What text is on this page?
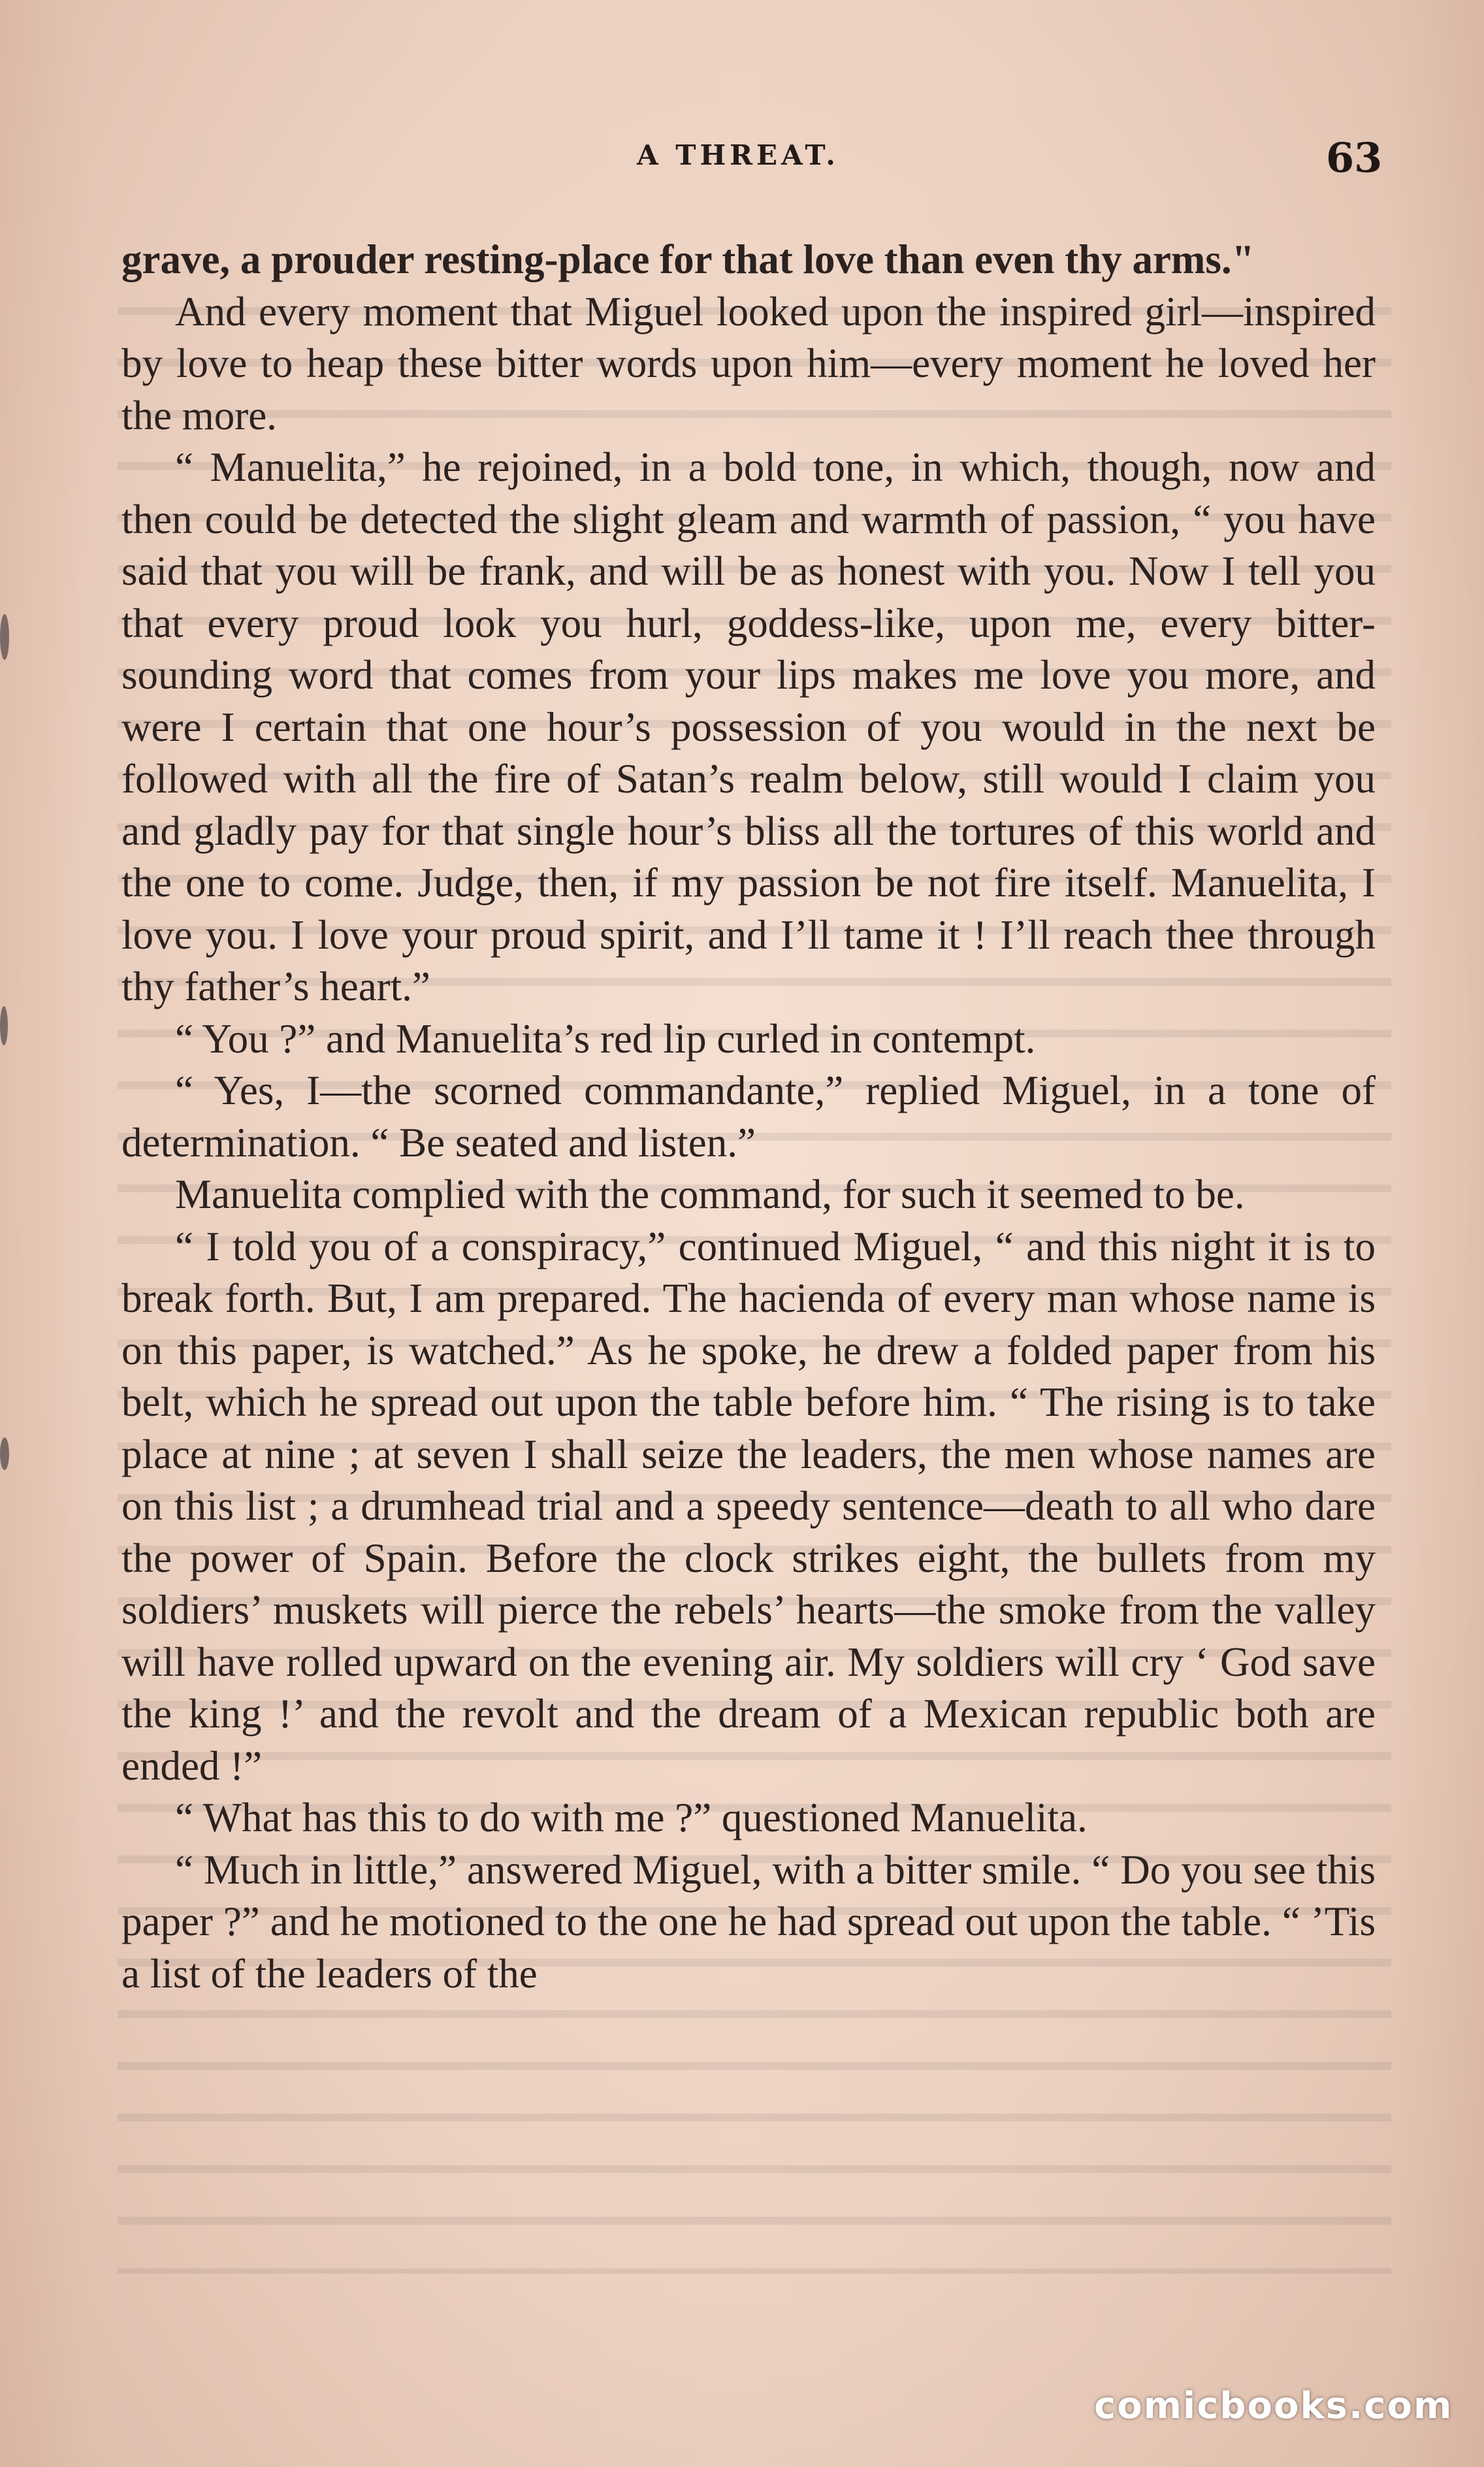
A THREAT.	63

grave, a prouder resting-place for that love than even thy arms."

And every moment that Miguel looked upon the inspired girl—inspired by love to heap these bitter words upon him—every moment he loved her the more.

“ Manuelita,” he rejoined, in a bold tone, in which, though, now and then could be detected the slight gleam and warmth of passion, “ you have said that you will be frank, and will be as honest with you. Now I tell you that every proud look you hurl, goddess-like, upon me, every bitter-sounding word that comes from your lips makes me love you more, and were I certain that one hour’s possession of you would in the next be followed with all the fire of Satan’s realm below, still would I claim you and gladly pay for that single hour’s bliss all the tortures of this world and the one to come. Judge, then, if my passion be not fire itself. Manuelita, I love you. I love your proud spirit, and I’ll tame it ! I’ll reach thee through thy father’s heart.”

“ You ?” and Manuelita’s red lip curled in contempt.

“ Yes, I—the scorned commandante,” replied Miguel, in a tone of determination. “ Be seated and listen.”

Manuelita complied with the command, for such it seemed to be.

“ I told you of a conspiracy,” continued Miguel, “ and this night it is to break forth. But, I am prepared. The hacienda of every man whose name is on this paper, is watched.” As he spoke, he drew a folded paper from his belt, which he spread out upon the table before him. “ The rising is to take place at nine ; at seven I shall seize the leaders, the men whose names are on this list ; a drumhead trial and a speedy sentence—death to all who dare the power of Spain. Before the clock strikes eight, the bullets from my soldiers’ muskets will pierce the rebels’ hearts—the smoke from the valley will have rolled upward on the evening air. My soldiers will cry ‘ God save the king !’ and the revolt and the dream of a Mexican republic both are ended !”

“ What has this to do with me ?” questioned Manuelita.

“ Much in little,” answered Miguel, with a bitter smile. “ Do you see this paper ?” and he motioned to the one he had spread out upon the table. “ ’Tis a list of the leaders of the

comicbooks.com
